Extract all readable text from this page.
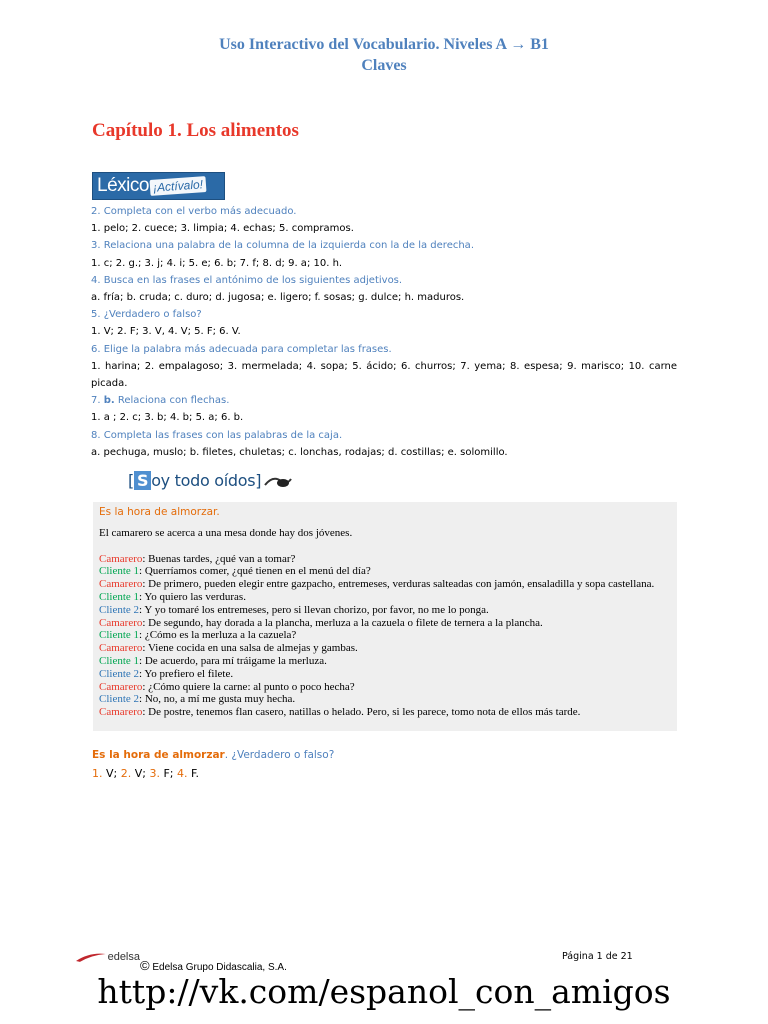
Uso Interactivo del Vocabulario. Niveles A → B1
Claves
Capítulo 1. Los alimentos
Léxico ¡Actívalo!
2. Completa con el verbo más adecuado.
1. pelo; 2. cuece; 3. limpia; 4. echas; 5. compramos.
3. Relaciona una palabra de la columna de la izquierda con la de la derecha.
1. c; 2. g.; 3. j; 4. i; 5. e; 6. b; 7. f; 8. d; 9. a; 10. h.
4. Busca en las frases el antónimo de los siguientes adjetivos.
a. fría; b. cruda; c. duro; d. jugosa; e. ligero; f. sosas; g. dulce; h. maduros.
5. ¿Verdadero o falso?
1. V; 2. F; 3. V, 4. V; 5. F; 6. V.
6. Elige la palabra más adecuada para completar las frases.
1. harina; 2. empalagoso; 3. mermelada; 4. sopa; 5. ácido; 6. churros; 7. yema; 8. espesa; 9. marisco; 10. carne picada.
7. b. Relaciona con flechas.
1. a ; 2. c; 3. b; 4. b; 5. a; 6. b.
8. Completa las frases con las palabras de la caja.
a. pechuga, muslo; b. filetes, chuletas; c. lonchas, rodajas; d. costillas; e. solomillo.
[ S oy todo oídos]
Es la hora de almorzar.
El camarero se acerca a una mesa donde hay dos jóvenes.
Camarero: Buenas tardes, ¿qué van a tomar?
Cliente 1: Querríamos comer, ¿qué tienen en el menú del día?
Camarero: De primero, pueden elegir entre gazpacho, entremeses, verduras salteadas con jamón, ensaladilla y sopa castellana.
Cliente 1: Yo quiero las verduras.
Cliente 2: Y yo tomaré los entremeses, pero si llevan chorizo, por favor, no me lo ponga.
Camarero: De segundo, hay dorada a la plancha, merluza a la cazuela o filete de ternera a la plancha.
Cliente 1: ¿Cómo es la merluza a la cazuela?
Camarero: Viene cocida en una salsa de almejas y gambas.
Cliente 1: De acuerdo, para mí tráigame la merluza.
Cliente 2: Yo prefiero el filete.
Camarero: ¿Cómo quiere la carne: al punto o poco hecha?
Cliente 2: No, no, a mí me gusta muy hecha.
Camarero: De postre, tenemos flan casero, natillas o helado. Pero, si les parece, tomo nota de ellos más tarde.
Es la hora de almorzar. ¿Verdadero o falso?
1. V; 2. V; 3. F; 4. F.
edelsa
© Edelsa Grupo Didascalia, S.A.
Página 1 de 21
http://vk.com/espanol_con_amigos
